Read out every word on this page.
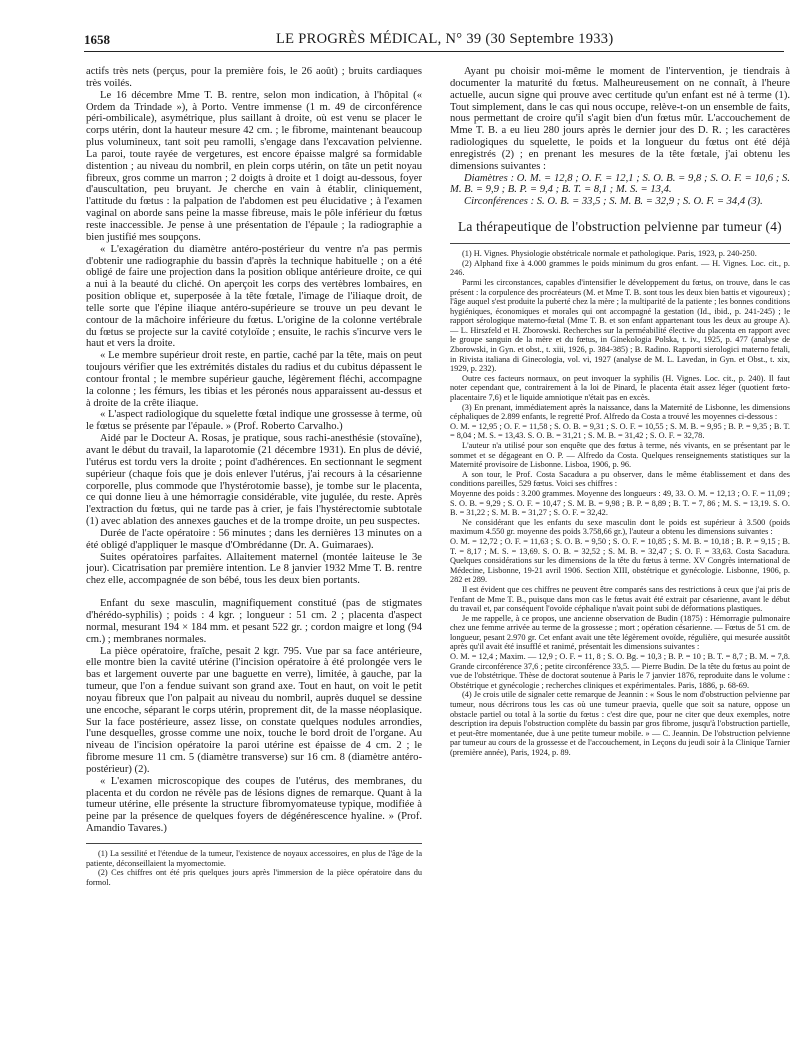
1658	LE PROGRÈS MÉDICAL, N° 39 (30 Septembre 1933)

actifs très nets (perçus, pour la première fois, le 26 août) ; bruits cardiaques très voilés.

Le 16 décembre Mme T. B. rentre, selon mon indication, à l'hôpital (« Ordem da Trindade »), à Porto. Ventre immense (1 m. 49 de circonférence péri-ombilicale), asymétrique, plus saillant à droite, où est venu se placer le corps utérin, dont la hauteur mesure 42 cm. ; le fibrome, maintenant beaucoup plus volumineux, tant soit peu ramolli, s'engage dans l'excavation pelvienne. La paroi, toute rayée de vergetures, est encore épaisse malgré sa formidable distention ; au niveau du nombril, en plein corps utérin, on tâte un petit noyau fibreux, gros comme un marron ; 2 doigts à droite et 1 doigt au-dessous, foyer d'auscultation, peu bruyant. Je cherche en vain à établir, cliniquement, l'attitude du fœtus : la palpation de l'abdomen est peu élucidative ; à l'examen vaginal on aborde sans peine la masse fibreuse, mais le pôle inférieur du fœtus reste inaccessible. Je pense à une présentation de l'épaule ; la radiographie a bien justifié mes soupçons.

« L'exagération du diamètre antéro-postérieur du ventre n'a pas permis d'obtenir une radiographie du bassin d'après la technique habituelle ; on a été obligé de faire une projection dans la position oblique antérieure droite, ce qui a nui à la beauté du cliché. On aperçoit les corps des vertèbres lombaires, en position oblique et, superposée à la tête fœtale, l'image de l'iliaque droit, de telle sorte que l'épine iliaque antéro-supérieure se trouve un peu devant le contour de la mâchoire inférieure du fœtus. L'origine de la colonne vertébrale du fœtus se projecte sur la cavité cotyloïde ; ensuite, le rachis s'incurve vers le haut et vers la droite.

« Le membre supérieur droit reste, en partie, caché par la tête, mais on peut toujours vérifier que les extrémités distales du radius et du cubitus dépassent le contour frontal ; le membre supérieur gauche, légèrement fléchi, accompagne la colonne ; les fémurs, les tibias et les péronés nous apparaissent au-dessus et à droite de la crête iliaque.

« L'aspect radiologique du squelette fœtal indique une grossesse à terme, où le fœtus se présente par l'épaule. » (Prof. Roberto Carvalho.)

Aidé par le Docteur A. Rosas, je pratique, sous rachi-anesthésie (stovaïne), avant le début du travail, la laparotomie (21 décembre 1931). En plus de dévié, l'utérus est tordu vers la droite ; point d'adhérences. En sectionnant le segment supérieur (chaque fois que je dois enlever l'utérus, j'ai recours à la césarienne corporelle, plus commode que l'hystérotomie basse), je tombe sur le placenta, ce qui donne lieu à une hémorragie considérable, vite jugulée, du reste. Après l'extraction du fœtus, qui ne tarde pas à crier, je fais l'hystérectomie subtotale (1) avec ablation des annexes gauches et de la trompe droite, un peu suspectes.

Durée de l'acte opératoire : 56 minutes ; dans les dernières 13 minutes on a été obligé d'appliquer le masque d'Ombrédanne (Dr. A. Guimaraes).

Suites opératoires parfaites. Allaitement maternel (montée laiteuse le 3e jour). Cicatrisation par première intention. Le 8 janvier 1932 Mme T. B. rentre chez elle, accompagnée de son bébé, tous les deux bien portants.

Enfant du sexe masculin, magnifiquement constitué (pas de stigmates d'hérédo-syphilis) ; poids : 4 kgr. ; longueur : 51 cm. 2 ; placenta d'aspect normal, mesurant 194 × 184 mm. et pesant 522 gr. ; cordon maigre et long (94 cm.) ; membranes normales.

La pièce opératoire, fraîche, pesait 2 kgr. 795. Vue par sa face antérieure, elle montre bien la cavité utérine (l'incision opératoire à été prolongée vers le bas et largement ouverte par une baguette en verre), limitée, à gauche, par la tumeur, que l'on a fendue suivant son grand axe. Tout en haut, on voit le petit noyau fibreux que l'on palpait au niveau du nombril, auprès duquel se dessine une encoche, séparant le corps utérin, proprement dit, de la masse néoplasique. Sur la face postérieure, assez lisse, on constate quelques nodules arrondies, l'une desquelles, grosse comme une noix, touche le bord droit de l'organe. Au niveau de l'incision opératoire la paroi utérine est épaisse de 4 cm. 2 ; le fibrome mesure 11 cm. 5 (diamètre transverse) sur 16 cm. 8 (diamètre antéro-postérieur) (2).

« L'examen microscopique des coupes de l'utérus, des membranes, du placenta et du cordon ne révèle pas de lésions dignes de remarque. Quant à la tumeur utérine, elle présente la structure fibromyomateuse typique, modifiée à peine par la présence de quelques foyers de dégénérescence hyaline. » (Prof. Amandio Tavares.)

(1) La sessilité et l'étendue de la tumeur, l'existence de noyaux accessoires, en plus de l'âge de la patiente, déconseillaient la myomectomie.

(2) Ces chiffres ont été pris quelques jours après l'immersion de la pièce opératoire dans du formol.

Ayant pu choisir moi-même le moment de l'intervention, je tiendrais à documenter la maturité du fœtus. Malheureusement on ne connaît, à l'heure actuelle, aucun signe qui prouve avec certitude qu'un enfant est né à terme (1). Tout simplement, dans le cas qui nous occupe, relève-t-on un ensemble de faits, nous permettant de croire qu'il s'agit bien d'un fœtus mûr. L'accouchement de Mme T. B. a eu lieu 280 jours après le dernier jour des D. R. ; les caractères radiologiques du squelette, le poids et la longueur du fœtus ont été déjà enregistrés (2) ; en prenant les mesures de la tête fœtale, j'ai obtenu les dimensions suivantes :

Diamètres : O. M. = 12,8 ; O. F. = 12,1 ; S. O. B. = 9,8 ; S. O. F. = 10,6 ; S. M. B. = 9,9 ; B. P. = 9,4 ; B. T. = 8,1 ; M. S. = 13,4.

Circonférences : S. O. B. = 33,5 ; S. M. B. = 32,9 ; S. O. F. = 34,4 (3).

La thérapeutique de l'obstruction pelvienne par tumeur (4)

(1) H. Vignes. Physiologie obstétricale normale et pathologique. Paris, 1923, p. 240-250.

(2) Alphand fixe à 4.000 grammes le poids minimum du gros enfant. — H. Vignes. Loc. cit., p. 246.

Parmi les circonstances, capables d'intensifier le développement du fœtus, on trouve, dans le cas présent : la corpulence des procréateurs (M. et Mme T. B. sont tous les deux bien battis et vigoureux) ; l'âge auquel s'est produite la puberté chez la mère ; la multiparité de la patiente ; les bonnes conditions hygiéniques, économiques et morales qui ont accompagné la gestation (Id., ibid., p. 241-245) ; le rapport sérologique materno-fœtal (Mme T. B. et son enfant appartenant tous les deux au groupe A). — L. Hirszfeld et H. Zborowski. Recherches sur la perméabilité élective du placenta en rapport avec le groupe sanguin de la mère et du fœtus, in Ginekologia Polska, t. iv., 1925, p. 477 (analyse de Zborowski, in Gyn. et obst., t. xiii, 1926, p. 384-385) ; B. Radino. Rapporti sierologici materno fetali, in Rivista italiana di Ginecologia, vol. vi, 1927 (analyse de M. L. Lavedan, in Gyn. et Obst., t. xix, 1929, p. 232).

Outre ces facteurs normaux, on peut invoquer la syphilis (H. Vignes. Loc. cit., p. 240). Il faut noter cependant que, contrairement à la loi de Pinard, le placenta était assez léger (quotient fœto-placentaire 7,6) et le liquide amniotique n'était pas en excès.

(3) En prenant, immédiatement après la naissance, dans la Maternité de Lisbonne, les dimensions céphaliques de 2.899 enfants, le regretté Prof. Alfredo da Costa a trouvé les moyennes ci-dessous :

O. M. = 12,95 ; O. F. = 11,58 ; S. O. B. = 9,31 ; S. O. F. = 10,55 ; S. M. B. = 9,95 ; B. P. = 9,35 ; B. T. = 8,04 ; M. S. = 13,43. S. O. B. = 31,21 ; S. M. B. = 31,42 ; S. O. F. = 32,78.

L'auteur n'a utilisé pour son enquête que des fœtus à terme, nés vivants, en se présentant par le sommet et se dégageant en O. P. — Alfredo da Costa. Quelques renseignements statistiques sur la Maternité provisoire de Lisbonne. Lisboa, 1906, p. 96.

A son tour, le Prof. Costa Sacadura a pu observer, dans le même établissement et dans des conditions pareilles, 529 fœtus. Voici ses chiffres :

Moyenne des poids : 3.200 grammes. Moyenne des longueurs : 49, 33. O. M. = 12,13 ; O. F. = 11,09 ; S. O. B. = 9,29 ; S. O. F. = 10,47 ; S. M. B. = 9,98 ; B. P. = 8,89 ; B. T. = 7, 86 ; M. S. = 13,19. S. O. B. = 31,22 ; S. M. B. = 31,27 ; S. O. F. = 32,42.

Ne considérant que les enfants du sexe masculin dont le poids est supérieur à 3.500 (poids maximum 4.550 gr. moyenne des poids 3.758,66 gr.), l'auteur a obtenu les dimensions suivantes :

O. M. = 12,72 ; O. F. = 11,63 ; S. O. B. = 9,50 ; S. O. F. = 10,85 ; S. M. B. = 10,18 ; B. P. = 9,15 ; B. T. = 8,17 ; M. S. = 13,69. S. O. B. = 32,52 ; S. M. B. = 32,47 ; S. O. F. = 33,63. Costa Sacadura. Quelques considérations sur les dimensions de la tête du fœtus à terme. XV Congrès international de Médecine, Lisbonne, 19-21 avril 1906. Section XIII, obstétrique et gynécologie. Lisbonne, 1906, p. 282 et 289.

Il est évident que ces chiffres ne peuvent être comparés sans des restrictions à ceux que j'ai pris de l'enfant de Mme T. B., puisque dans mon cas le fœtus avait été extrait par césarienne, avant le début du travail et, par conséquent l'ovoïde céphalique n'avait point subi de déformations plastiques.

Je me rappelle, à ce propos, une ancienne observation de Budin (1875) : Hémorragie pulmonaire chez une femme arrivée au terme de la grossesse ; mort ; opération césarienne. — Fœtus de 51 cm. de longueur, pesant 2.970 gr. Cet enfant avait une tête légèrement ovoïde, régulière, qui mesurée aussitôt après qu'il avait été insufflé et ranimé, présentait les dimensions suivantes :

O. M. = 12,4 ; Maxim. — 12,9 ; O. F. = 11, 8 ; S. O. Bg. = 10,3 ; B. P. = 10 ; B. T. = 8,7 ; B. M. = 7,8. Grande circonférence 37,6 ; petite circonférence 33,5. — Pierre Budin. De la tête du fœtus au point de vue de l'obstétrique. Thèse de doctorat soutenue à Paris le 7 janvier 1876, reproduite dans le volume : Obstétrique et gynécologie ; recherches cliniques et expérimentales. Paris, 1886, p. 68-69.

(4) Je crois utile de signaler cette remarque de Jeannin : « Sous le nom d'obstruction pelvienne par tumeur, nous décrirons tous les cas où une tumeur praevia, quelle que soit sa nature, oppose un obstacle partiel ou total à la sortie du fœtus : c'est dire que, pour ne citer que deux exemples, notre description ira depuis l'obstruction complète du bassin par gros fibrome, jusqu'à l'obstruction partielle, et peut-être momentanée, due à une petite tumeur mobile. » — C. Jeannin. De l'obstruction pelvienne par tumeur au cours de la grossesse et de l'accouchement, in Leçons du jeudi soir à la Clinique Tarnier (première année), Paris, 1924, p. 89.
